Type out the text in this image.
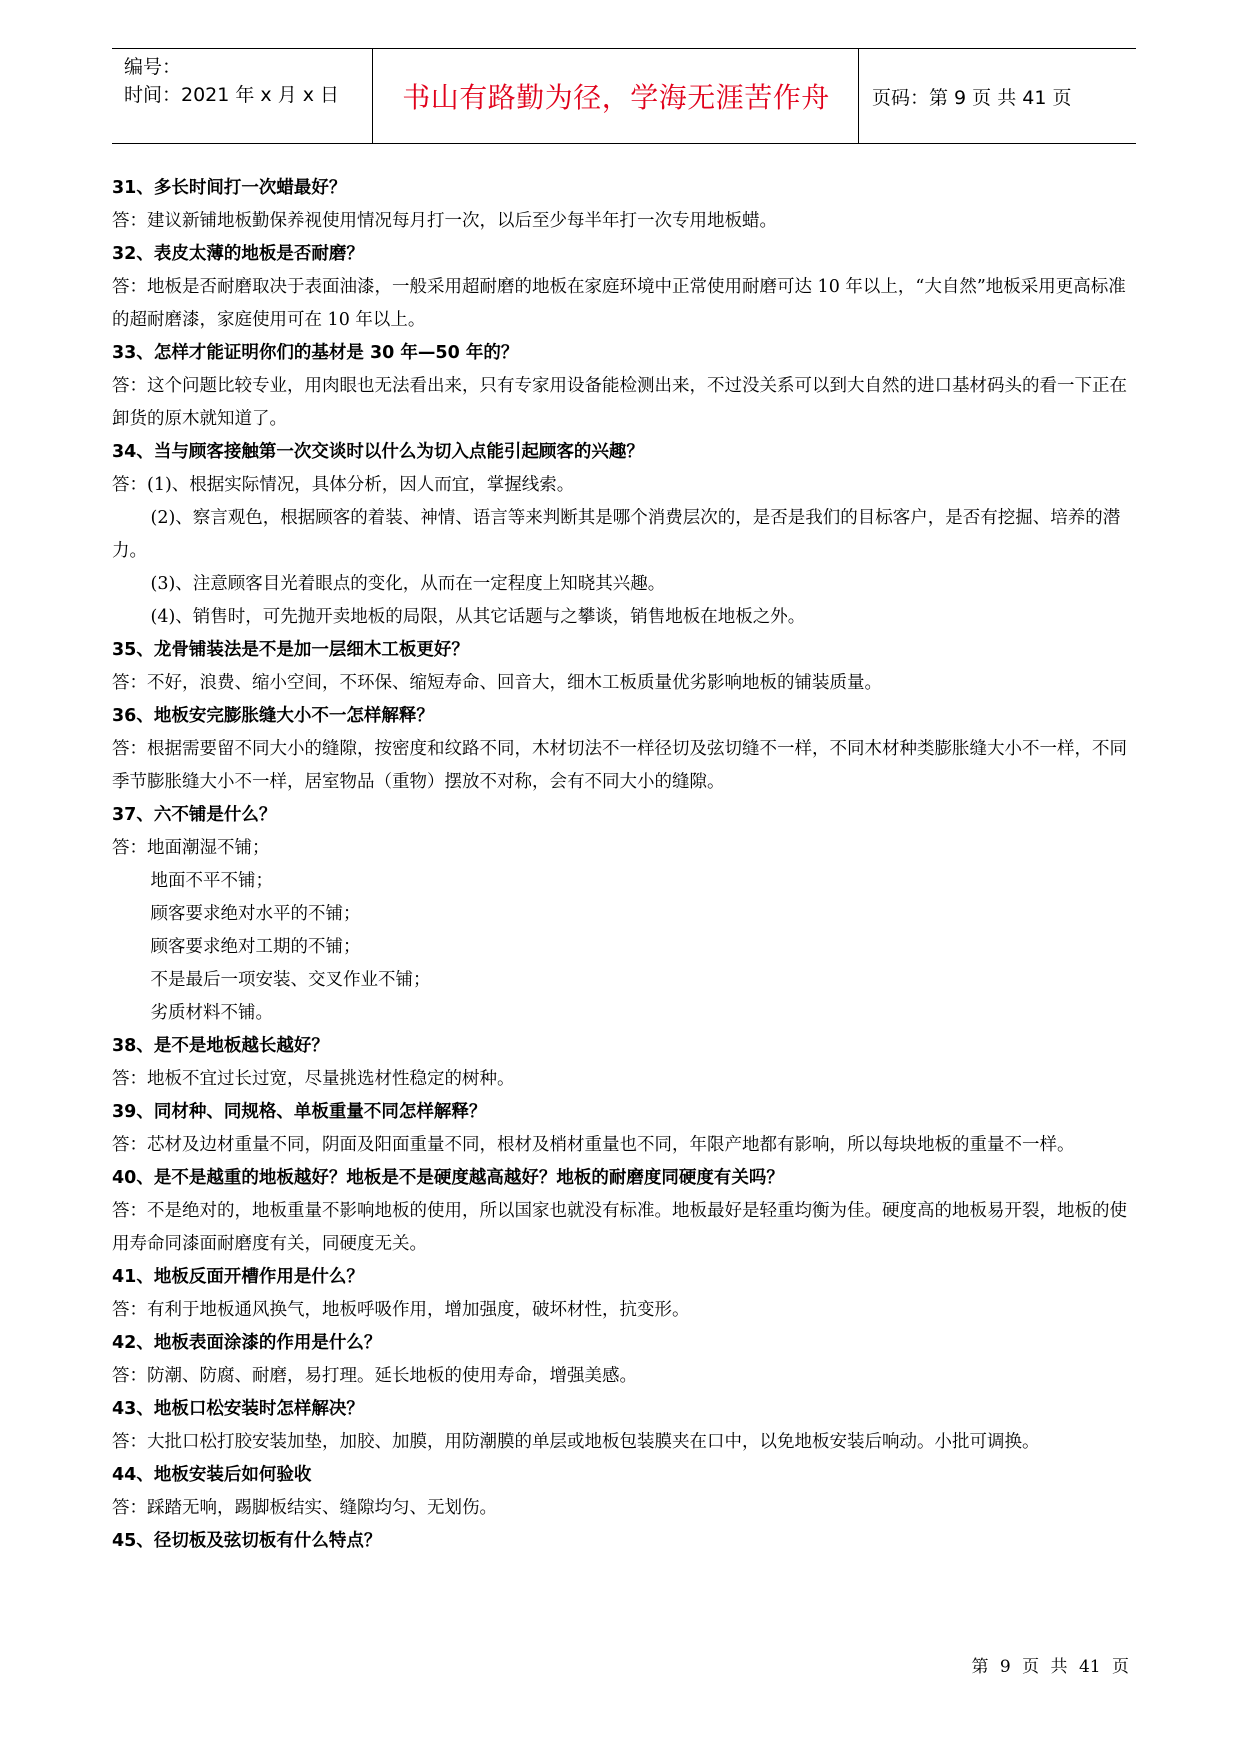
编号：
时间：2021 年 x 月 x 日	书山有路勤为径，学海无涯苦作舟	页码：第 9 页 共 41 页

31、多长时间打一次蜡最好？

答：建议新铺地板勤保养视使用情况每月打一次，以后至少每半年打一次专用地板蜡。

32、表皮太薄的地板是否耐磨？

答：地板是否耐磨取决于表面油漆，一般采用超耐磨的地板在家庭环境中正常使用耐磨可达 10 年以上，“大自然”地板采用更高标准的超耐磨漆，家庭使用可在 10 年以上。

33、怎样才能证明你们的基材是 30 年—50 年的？

答：这个问题比较专业，用肉眼也无法看出来，只有专家用设备能检测出来，不过没关系可以到大自然的进口基材码头的看一下正在卸货的原木就知道了。

34、当与顾客接触第一次交谈时以什么为切入点能引起顾客的兴趣？

答：(1)、根据实际情况，具体分析，因人而宜，掌握线索。

(2)、察言观色，根据顾客的着装、神情、语言等来判断其是哪个消费层次的，是否是我们的目标客户，是否有挖掘、培养的潜力。

(3)、注意顾客目光着眼点的变化，从而在一定程度上知晓其兴趣。

(4)、销售时，可先抛开卖地板的局限，从其它话题与之攀谈，销售地板在地板之外。

35、龙骨铺装法是不是加一层细木工板更好？

答：不好，浪费、缩小空间，不环保、缩短寿命、回音大，细木工板质量优劣影响地板的铺装质量。

36、地板安完膨胀缝大小不一怎样解释？

答：根据需要留不同大小的缝隙，按密度和纹路不同，木材切法不一样径切及弦切缝不一样，不同木材种类膨胀缝大小不一样，不同季节膨胀缝大小不一样，居室物品（重物）摆放不对称，会有不同大小的缝隙。

37、六不铺是什么？

答：地面潮湿不铺；

地面不平不铺；

顾客要求绝对水平的不铺；

顾客要求绝对工期的不铺；

不是最后一项安装、交叉作业不铺；

劣质材料不铺。

38、是不是地板越长越好？

答：地板不宜过长过宽，尽量挑选材性稳定的树种。

39、同材种、同规格、单板重量不同怎样解释？

答：芯材及边材重量不同，阴面及阳面重量不同，根材及梢材重量也不同，年限产地都有影响，所以每块地板的重量不一样。

40、是不是越重的地板越好？地板是不是硬度越高越好？地板的耐磨度同硬度有关吗？

答：不是绝对的，地板重量不影响地板的使用，所以国家也就没有标准。地板最好是轻重均衡为佳。硬度高的地板易开裂，地板的使用寿命同漆面耐磨度有关，同硬度无关。

41、地板反面开槽作用是什么？

答：有利于地板通风换气，地板呼吸作用，增加强度，破坏材性，抗变形。

42、地板表面涂漆的作用是什么？

答：防潮、防腐、耐磨，易打理。延长地板的使用寿命，增强美感。

43、地板口松安装时怎样解决？

答：大批口松打胶安装加垫，加胶、加膜，用防潮膜的单层或地板包装膜夹在口中，以免地板安装后响动。小批可调换。

44、地板安装后如何验收

答：踩踏无响，踢脚板结实、缝隙均匀、无划伤。

45、径切板及弦切板有什么特点？

第 9 页 共 41 页
